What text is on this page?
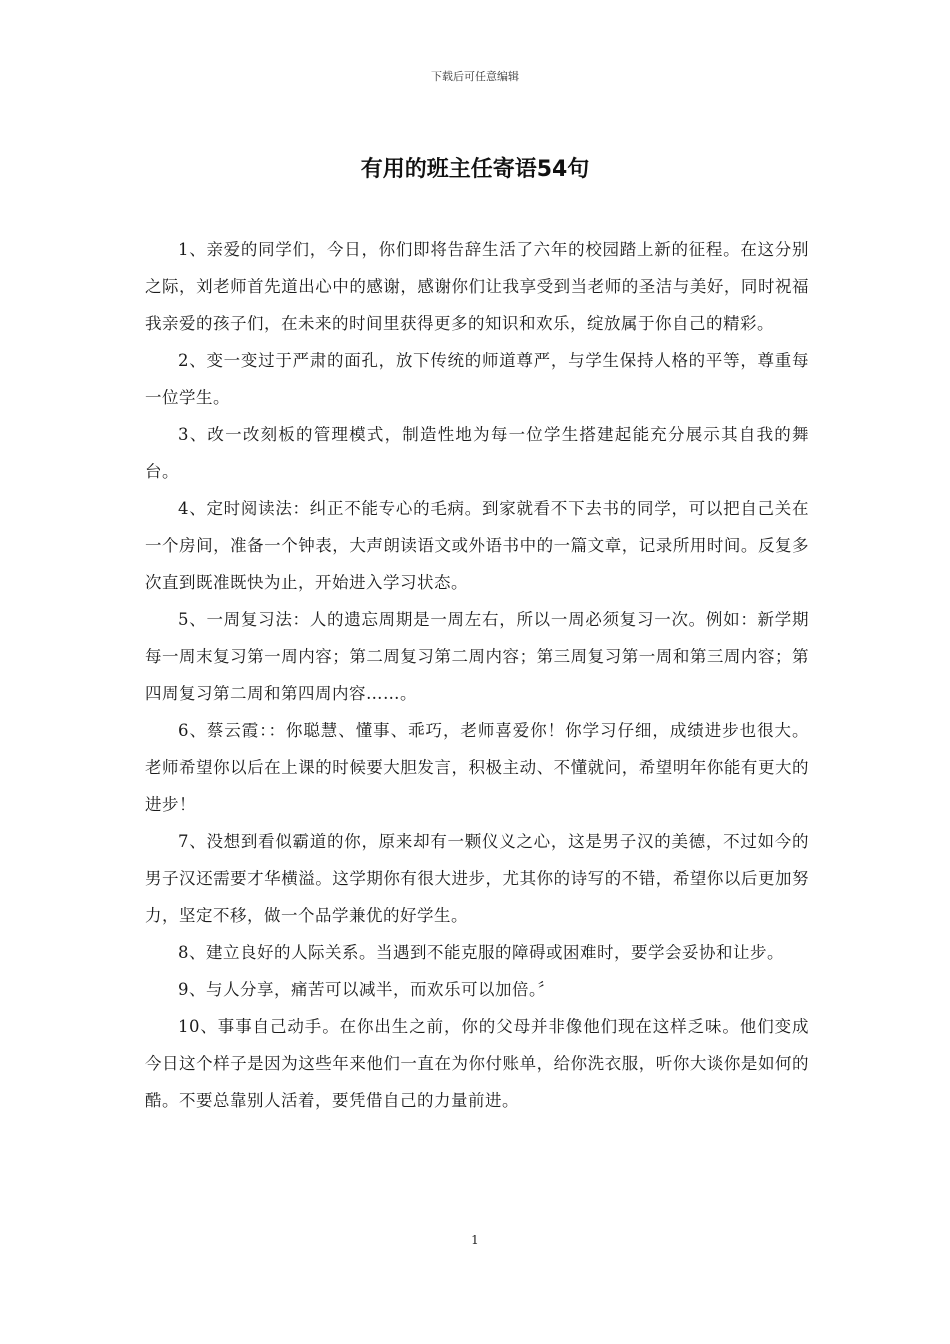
下载后可任意编辑
有用的班主任寄语54句

1、亲爱的同学们，今日，你们即将告辞生活了六年的校园踏上新的征程。在这分别之际，刘老师首先道出心中的感谢，感谢你们让我享受到当老师的圣洁与美好，同时祝福我亲爱的孩子们，在未来的时间里获得更多的知识和欢乐，绽放属于你自己的精彩。

2、变一变过于严肃的面孔，放下传统的师道尊严，与学生保持人格的平等，尊重每一位学生。

3、改一改刻板的管理模式，制造性地为每一位学生搭建起能充分展示其自我的舞台。

4、定时阅读法：纠正不能专心的毛病。到家就看不下去书的同学，可以把自己关在一个房间，准备一个钟表，大声朗读语文或外语书中的一篇文章，记录所用时间。反复多次直到既准既快为止，开始进入学习状态。

5、一周复习法：人的遗忘周期是一周左右，所以一周必须复习一次。例如：新学期每一周末复习第一周内容；第二周复习第二周内容；第三周复习第一周和第三周内容；第四周复习第二周和第四周内容……。

6、蔡云霞：：你聪慧、懂事、乖巧，老师喜爱你！你学习仔细，成绩进步也很大。老师希望你以后在上课的时候要大胆发言，积极主动、不懂就问，希望明年你能有更大的进步！

7、没想到看似霸道的你，原来却有一颗仪义之心，这是男子汉的美德，不过如今的男子汉还需要才华横溢。这学期你有很大进步，尤其你的诗写的不错，希望你以后更加努力，坚定不移，做一个品学兼优的好学生。

8、建立良好的人际关系。当遇到不能克服的障碍或困难时，要学会妥协和让步。

9、与人分享，痛苦可以减半，而欢乐可以加倍。〞

10、事事自己动手。在你出生之前，你的父母并非像他们现在这样乏味。他们变成今日这个样子是因为这些年来他们一直在为你付账单，给你洗衣服，听你大谈你是如何的酷。不要总靠别人活着，要凭借自己的力量前进。

1
